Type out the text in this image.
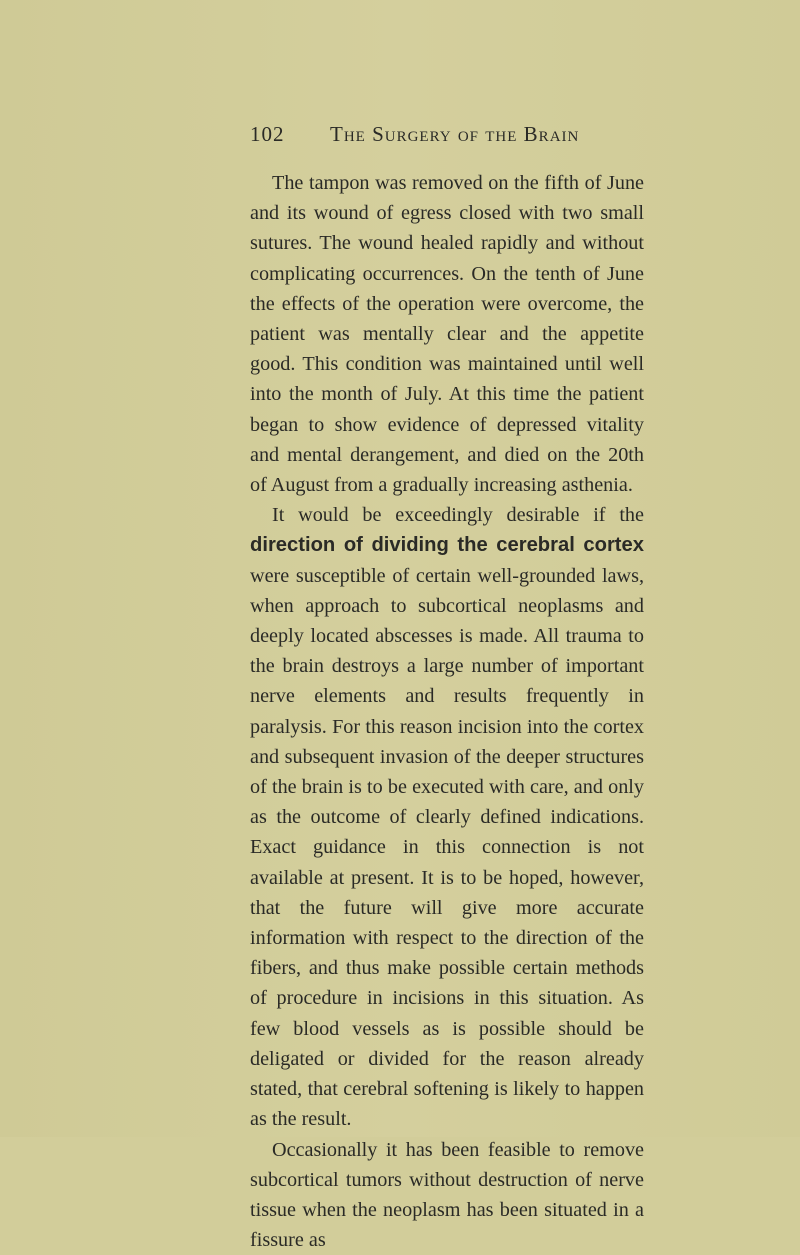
102 The Surgery of the Brain

The tampon was removed on the fifth of June and its wound of egress closed with two small sutures. The wound healed rapidly and without complicating occurrences. On the tenth of June the effects of the operation were overcome, the patient was mentally clear and the appetite good. This condition was maintained until well into the month of July. At this time the patient began to show evidence of depressed vitality and mental derangement, and died on the 20th of August from a gradually increasing asthenia.

It would be exceedingly desirable if the direction of dividing the cerebral cortex were susceptible of certain well-grounded laws, when approach to subcortical neoplasms and deeply located abscesses is made. All trauma to the brain destroys a large number of important nerve elements and results frequently in paralysis. For this reason incision into the cortex and subsequent invasion of the deeper structures of the brain is to be executed with care, and only as the outcome of clearly defined indications. Exact guidance in this connection is not available at present. It is to be hoped, however, that the future will give more accurate information with respect to the direction of the fibers, and thus make possible certain methods of procedure in incisions in this situation. As few blood vessels as is possible should be deligated or divided for the reason already stated, that cerebral softening is likely to happen as the result.

Occasionally it has been feasible to remove subcortical tumors without destruction of nerve tissue when the neoplasm has been situated in a fissure as
